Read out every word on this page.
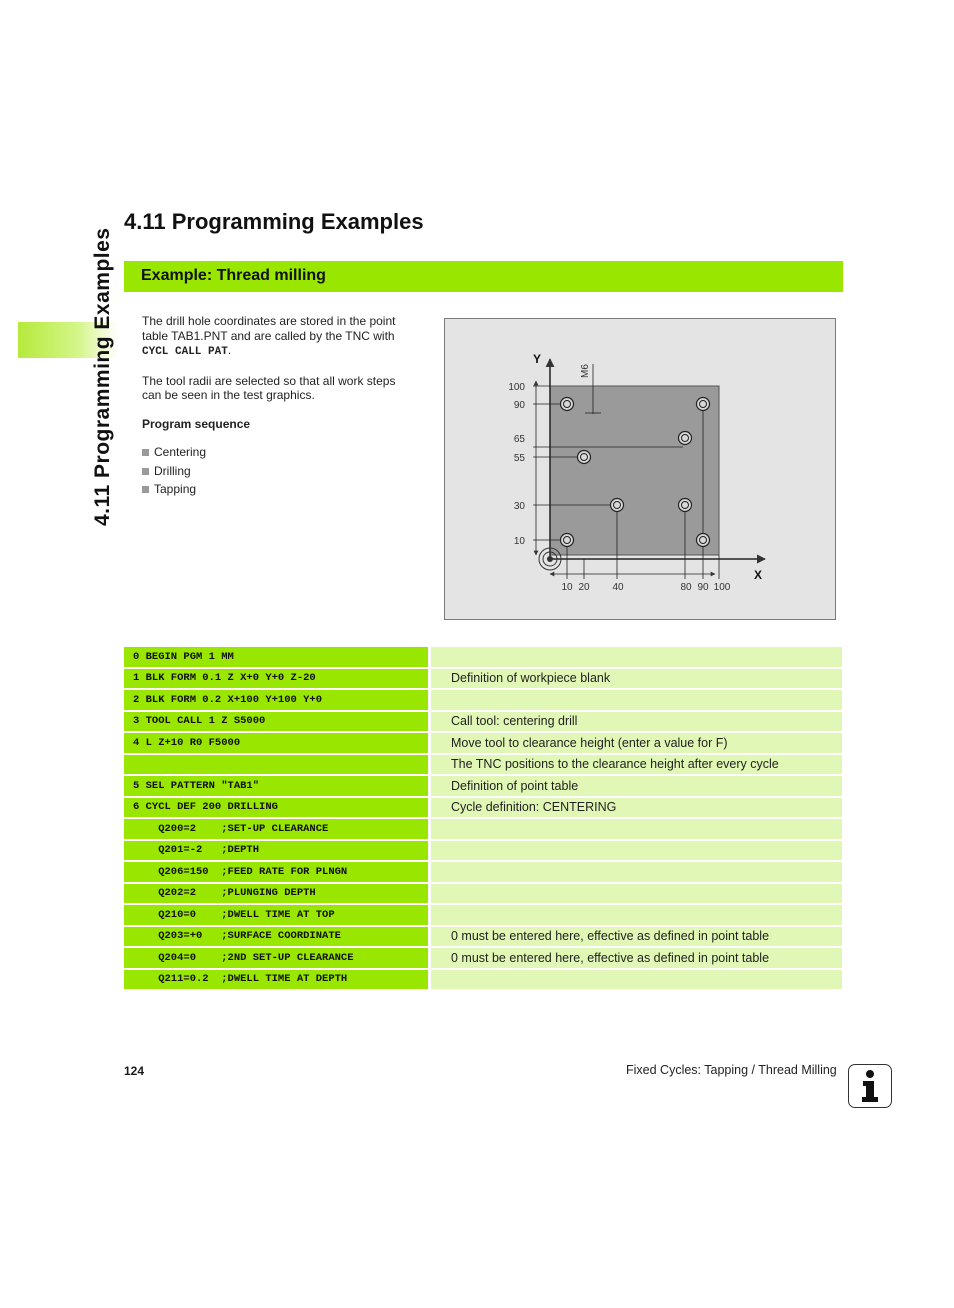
4.11 Programming Examples
4.11 Programming Examples
Example: Thread milling

The drill hole coordinates are stored in the point table TAB1.PNT and are called by the TNC with
CYCL CALL PAT.

The tool radii are selected so that all work steps can be seen in the test graphics.

Program sequence

Centering
Drilling
Tapping
Y
X
M6
100
90
65
55
30
10
10 20 40	80 90 100
0 BEGIN PGM 1 MM		
1 BLK FORM 0.1 Z X+0 Y+0 Z-20		Definition of workpiece blank
2 BLK FORM 0.2 X+100 Y+100 Y+0		
3 TOOL CALL 1 Z S5000		Call tool: centering drill
4 L Z+10 R0 F5000		Move tool to clearance height (enter a value for F)
		The TNC positions to the clearance height after every cycle
5 SEL PATTERN "TAB1"		Definition of point table
6 CYCL DEF 200 DRILLING		Cycle definition: CENTERING
Q200=2    ;SET-UP CLEARANCE		
Q201=-2   ;DEPTH		
Q206=150  ;FEED RATE FOR PLNGN		
Q202=2    ;PLUNGING DEPTH		
Q210=0    ;DWELL TIME AT TOP		
Q203=+0   ;SURFACE COORDINATE		0 must be entered here, effective as defined in point table
Q204=0    ;2ND SET-UP CLEARANCE		0 must be entered here, effective as defined in point table
Q211=0.2  ;DWELL TIME AT DEPTH		
124	Fixed Cycles: Tapping / Thread Milling
